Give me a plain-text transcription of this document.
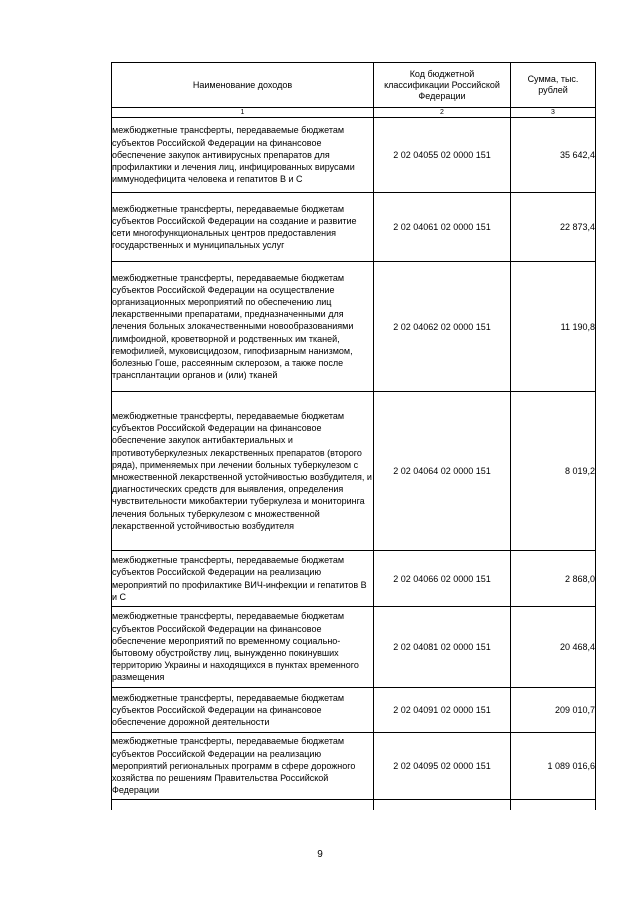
Наименование доходов	Код бюджетной классификации Российской Федерации	Сумма, тыс. рублей
1	2	3
межбюджетные трансферты, передаваемые бюджетам субъектов Российской Федерации на финансовое обеспечение закупок антивирусных препаратов для профилактики и лечения лиц, инфицированных вирусами иммунодефицита человека и гепатитов В и С	2 02 04055 02 0000 151	35 642,4
межбюджетные трансферты, передаваемые бюджетам субъектов Российской Федерации на создание и развитие сети многофункциональных центров предоставления государственных и муниципальных услуг	2 02 04061 02 0000 151	22 873,4
межбюджетные трансферты, передаваемые бюджетам субъектов Российской Федерации на осуществление организационных мероприятий по обеспечению лиц лекарственными препаратами, предназначенными для лечения больных злокачественными новообразованиями лимфоидной, кроветворной и родственных им тканей, гемофилией, муковисцидозом, гипофизарным нанизмом, болезнью Гоше, рассеянным склерозом, а также после трансплантации органов и (или) тканей	2 02 04062 02 0000 151	11 190,8
межбюджетные трансферты, передаваемые бюджетам субъектов Российской Федерации на финансовое обеспечение закупок антибактериальных и противотуберкулезных лекарственных препаратов (второго ряда), применяемых при лечении больных туберкулезом с множественной лекарственной устойчивостью возбудителя, и диагностических средств для выявления, определения чувствительности микобактерии туберкулеза и мониторинга лечения больных туберкулезом с множественной лекарственной устойчивостью возбудителя	2 02 04064 02 0000 151	8 019,2
межбюджетные трансферты, передаваемые бюджетам субъектов Российской Федерации на реализацию мероприятий по профилактике ВИЧ-инфекции и гепатитов В и С	2 02 04066 02 0000 151	2 868,0
межбюджетные трансферты, передаваемые бюджетам субъектов Российской Федерации на финансовое обеспечение мероприятий по временному социально-бытовому обустройству лиц, вынужденно покинувших территорию Украины и находящихся в пунктах временного размещения	2 02 04081 02 0000 151	20 468,4
межбюджетные трансферты, передаваемые бюджетам субъектов Российской Федерации на финансовое обеспечение дорожной деятельности	2 02 04091 02 0000 151	209 010,7
межбюджетные трансферты, передаваемые бюджетам субъектов Российской Федерации на реализацию мероприятий региональных программ в сфере дорожного хозяйства по решениям Правительства Российской Федерации	2 02 04095 02 0000 151	1 089 016,6

9
